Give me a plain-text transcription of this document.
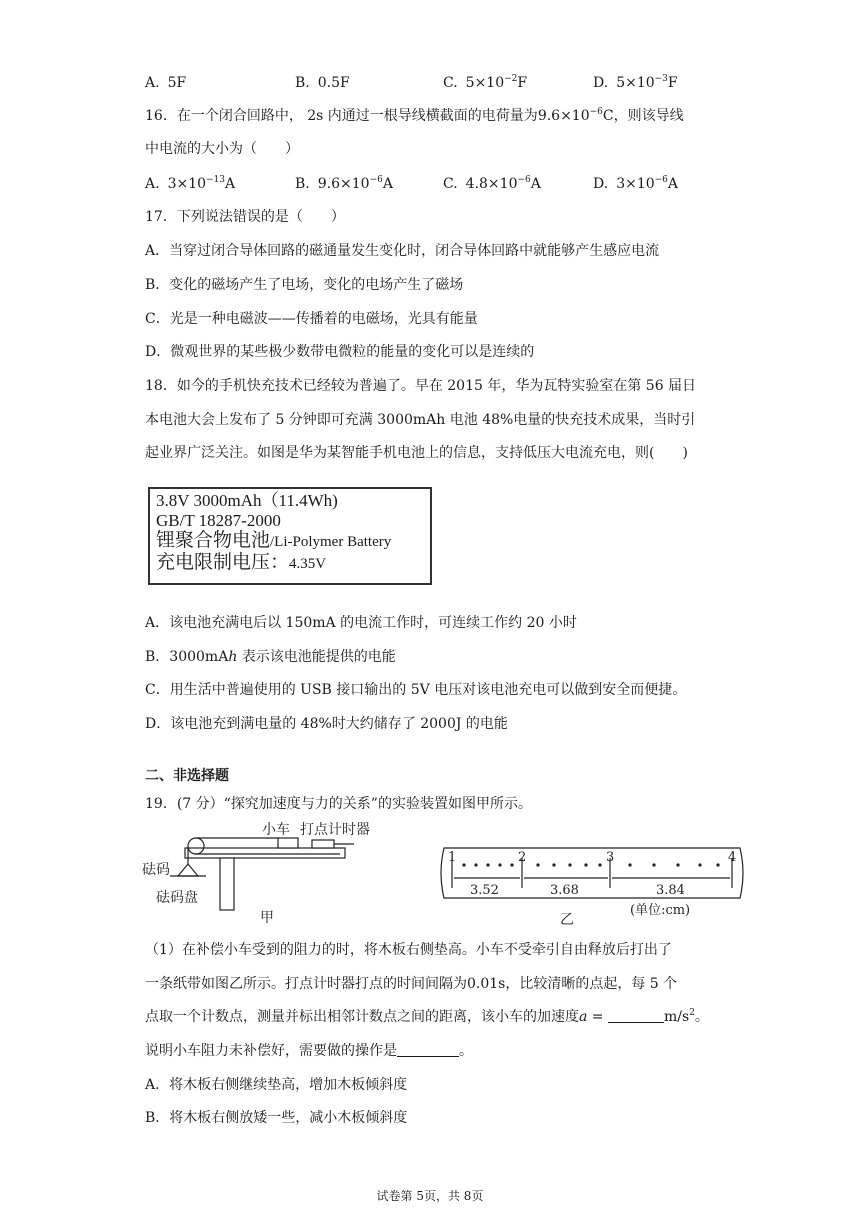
A. 5F	B. 0.5F	C. $5\times 10^{-2}F$	D. $5\times 10^{-3}F$
16．在一个闭合回路中， 2s 内通过一根导线横截面的电荷量为$9.6\times 10^{-6}C$，则该导线
中电流的大小为（　　）
A. $3\times 10^{-13}A$	B. $9.6\times 10^{-6}A$	C. $4.8\times 10^{-6}A$	D. $3\times 10^{-6}A$
17．下列说法错误的是（　　）
A．当穿过闭合导体回路的磁通量发生变化时，闭合导体回路中就能够产生感应电流
B．变化的磁场产生了电场，变化的电场产生了磁场
C．光是一种电磁波——传播着的电磁场，光具有能量
D．微观世界的某些极少数带电微粒的能量的变化可以是连续的
18．如今的手机快充技术已经较为普遍了。早在 2015 年，华为瓦特实验室在第 56 届日
本电池大会上发布了 5 分钟即可充满 3000mAh 电池 48%电量的快充技术成果，当时引
起业界广泛关注。如图是华为某智能手机电池上的信息，支持低压大电流充电，则(　　)
3.8V 3000mAh（11.4Wh)
GB/T 18287-2000
锂聚合物电池/Li-Polymer Battery
充电限制电压：4.35V
A．该电池充满电后以 150mA 的电流工作时，可连续工作约 20 小时
B．3000mAh 表示该电池能提供的电能
C．用生活中普遍使用的 USB 接口输出的 5V 电压对该电池充电可以做到安全而便捷。
D．该电池充到满电量的 48%时大约储存了 2000J 的电能
二、非选择题
19．(7 分）“探究加速度与力的关系”的实验装置如图甲所示。
小车 打点计时器
砝码
砝码盘
甲
1	2	3	4
3.52	3.68	3.84
(单位:cm)
乙
（1）在补偿小车受到的阻力的时，将木板右侧垫高。小车不受牵引自由释放后打出了
一条纸带如图乙所示。打点计时器打点的时间间隔为0.01s，比较清晰的点起，每 5 个
点取一个计数点，测量并标出相邻计数点之间的距离，该小车的加速度a =	$m/s^2$。
说明小车阻力未补偿好，需要做的操作是	。
A．将木板右侧继续垫高，增加木板倾斜度
B．将木板右侧放矮一些，减小木板倾斜度
试卷第 5页，共 8页
